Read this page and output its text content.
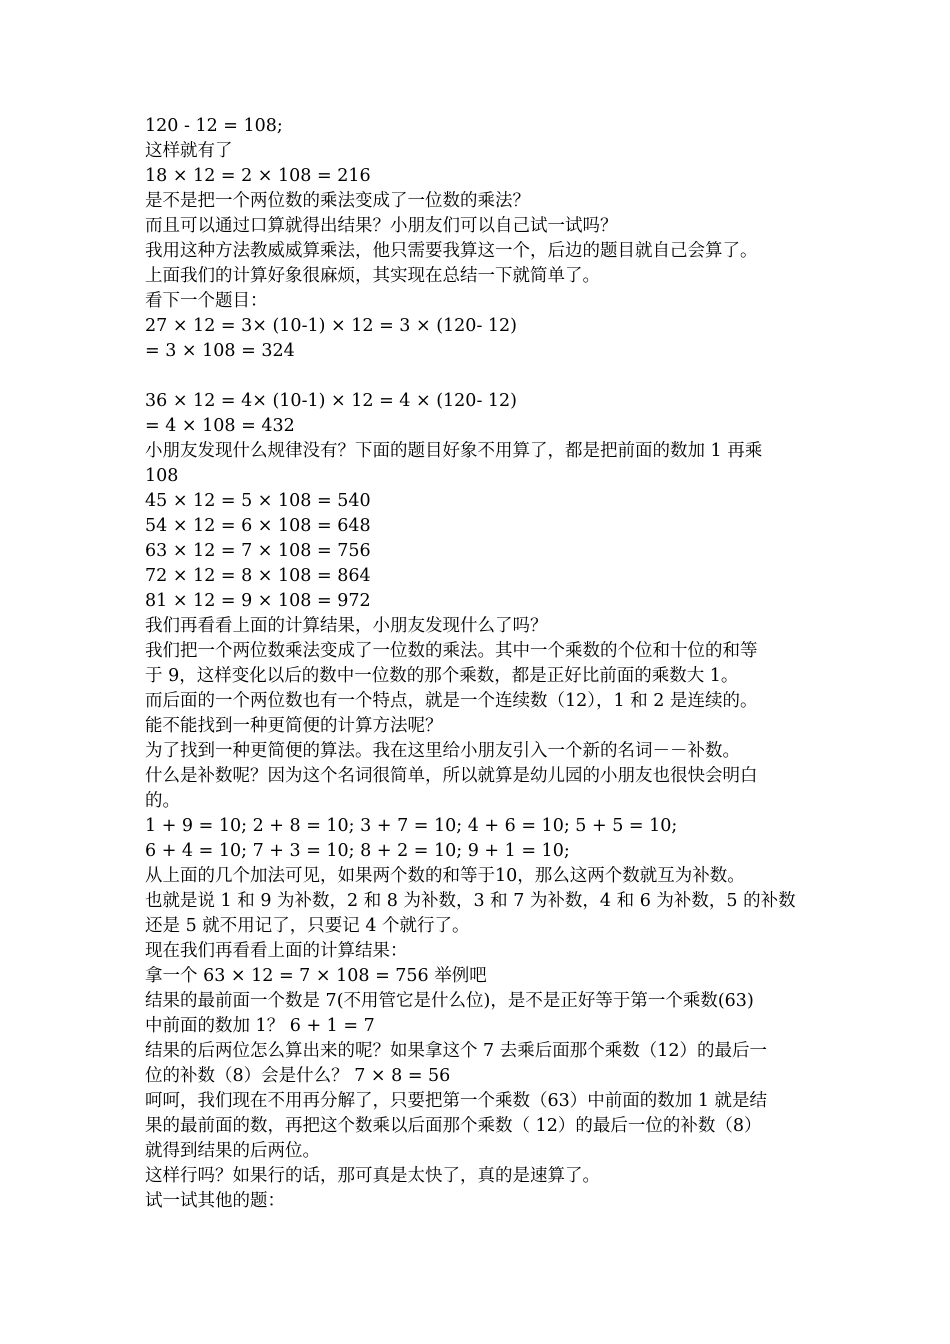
120 - 12 = 108;
这样就有了
18 × 12 = 2 × 108 = 216
是不是把一个两位数的乘法变成了一位数的乘法？
而且可以通过口算就得出结果？小朋友们可以自己试一试吗？
我用这种方法教威威算乘法，他只需要我算这一个，后边的题目就自己会算了。
上面我们的计算好象很麻烦，其实现在总结一下就简单了。
看下一个题目：
27 × 12 = 3× (10-1) × 12 = 3 × (120- 12)
= 3 × 108 = 324
36 × 12 = 4× (10-1) × 12 = 4 × (120- 12)
= 4 × 108 = 432
小朋友发现什么规律没有？下面的题目好象不用算了，都是把前面的数加 1 再乘
108
45 × 12 = 5 × 108 = 540
54 × 12 = 6 × 108 = 648
63 × 12 = 7 × 108 = 756
72 × 12 = 8 × 108 = 864
81 × 12 = 9 × 108 = 972
我们再看看上面的计算结果，小朋友发现什么了吗？
我们把一个两位数乘法变成了一位数的乘法。其中一个乘数的个位和十位的和等
于 9，这样变化以后的数中一位数的那个乘数，都是正好比前面的乘数大 1。
而后面的一个两位数也有一个特点，就是一个连续数（12），1 和 2 是连续的。
能不能找到一种更简便的计算方法呢？
为了找到一种更简便的算法。我在这里给小朋友引入一个新的名词－－补数。
什么是补数呢？因为这个名词很简单，所以就算是幼儿园的小朋友也很快会明白
的。
1 + 9 = 10; 2 + 8 = 10; 3 + 7 = 10; 4 + 6 = 10; 5 + 5 = 10;
6 + 4 = 10; 7 + 3 = 10; 8 + 2 = 10; 9 + 1 = 10;
从上面的几个加法可见，如果两个数的和等于10，那么这两个数就互为补数。
也就是说 1 和 9 为补数，2 和 8 为补数，3 和 7 为补数，4 和 6 为补数，5 的补数
还是 5 就不用记了，只要记 4 个就行了。
现在我们再看看上面的计算结果：
拿一个 63 × 12 = 7 × 108 = 756 举例吧
结果的最前面一个数是 7(不用管它是什么位)，是不是正好等于第一个乘数(63)
中前面的数加 1？ 6 + 1 = 7
结果的后两位怎么算出来的呢？如果拿这个 7 去乘后面那个乘数（12）的最后一
位的补数（8）会是什么？ 7 × 8 = 56
呵呵，我们现在不用再分解了，只要把第一个乘数（63）中前面的数加 1 就是结
果的最前面的数，再把这个数乘以后面那个乘数（ 12）的最后一位的补数（8）
就得到结果的后两位。
这样行吗？如果行的话，那可真是太快了，真的是速算了。
试一试其他的题：
